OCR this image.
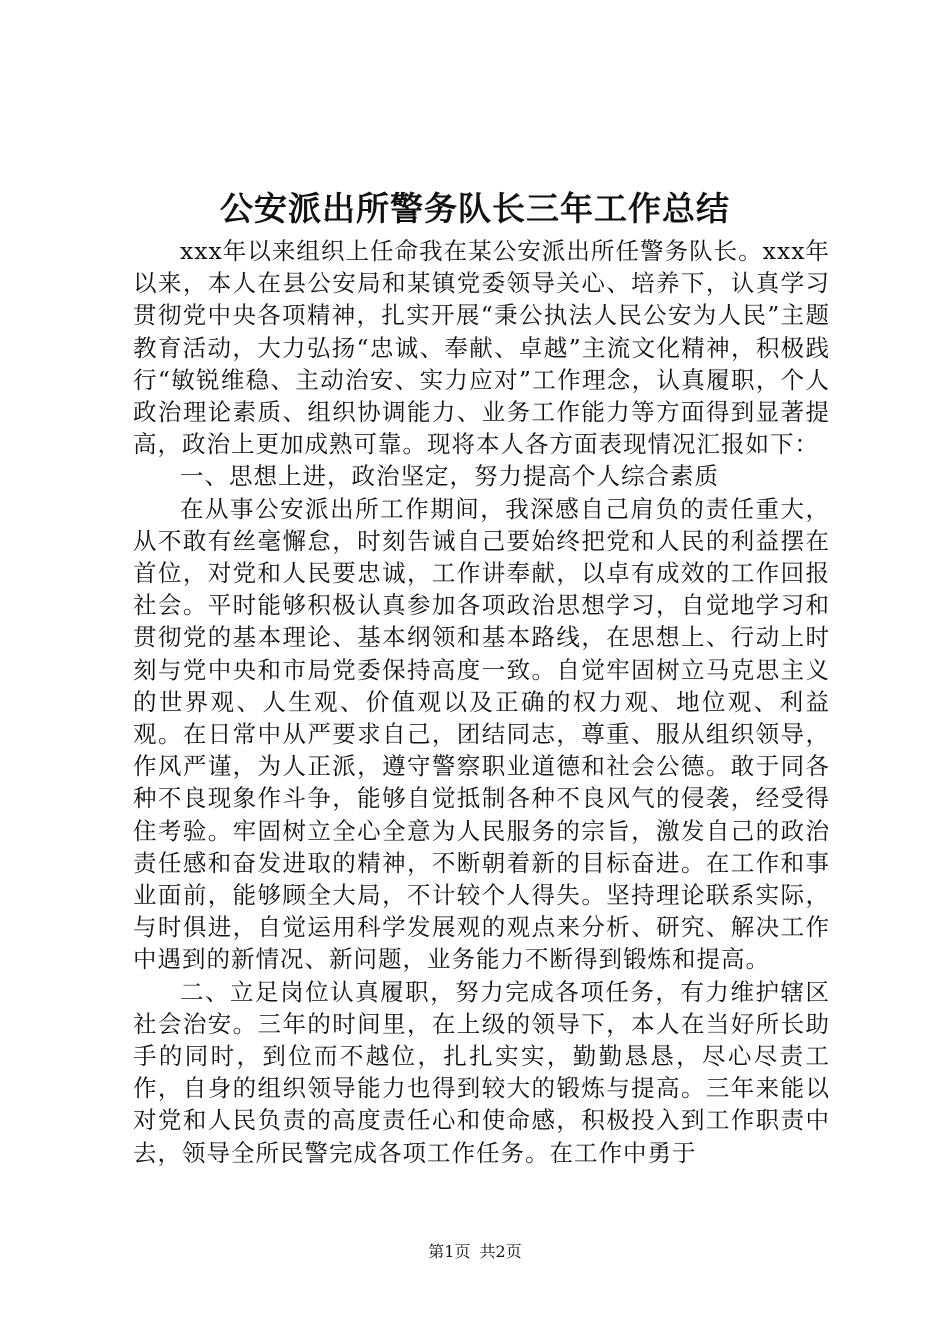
公安派出所警务队长三年工作总结

xxx年以来组织上任命我在某公安派出所任警务队长。xxx年以来，本人在县公安局和某镇党委领导关心、培养下，认真学习贯彻党中央各项精神，扎实开展“秉公执法人民公安为人民”主题教育活动，大力弘扬“忠诚、奉献、卓越”主流文化精神，积极践行“敏锐维稳、主动治安、实力应对”工作理念，认真履职，个人政治理论素质、组织协调能力、业务工作能力等方面得到显著提高，政治上更加成熟可靠。现将本人各方面表现情况汇报如下：

一、思想上进，政治坚定，努力提高个人综合素质

在从事公安派出所工作期间，我深感自己肩负的责任重大，从不敢有丝毫懈怠，时刻告诫自己要始终把党和人民的利益摆在首位，对党和人民要忠诚，工作讲奉献，以卓有成效的工作回报社会。平时能够积极认真参加各项政治思想学习，自觉地学习和贯彻党的基本理论、基本纲领和基本路线，在思想上、行动上时刻与党中央和市局党委保持高度一致。自觉牢固树立马克思主义的世界观、人生观、价值观以及正确的权力观、地位观、利益观。在日常中从严要求自己，团结同志，尊重、服从组织领导，作风严谨，为人正派，遵守警察职业道德和社会公德。敢于同各种不良现象作斗争，能够自觉抵制各种不良风气的侵袭，经受得住考验。牢固树立全心全意为人民服务的宗旨，激发自己的政治责任感和奋发进取的精神，不断朝着新的目标奋进。在工作和事业面前，能够顾全大局，不计较个人得失。坚持理论联系实际，与时俱进，自觉运用科学发展观的观点来分析、研究、解决工作中遇到的新情况、新问题，业务能力不断得到锻炼和提高。

二、立足岗位认真履职，努力完成各项任务，有力维护辖区社会治安。三年的时间里，在上级的领导下，本人在当好所长助手的同时，到位而不越位，扎扎实实，勤勤恳恳，尽心尽责工作，自身的组织领导能力也得到较大的锻炼与提高。三年来能以对党和人民负责的高度责任心和使命感，积极投入到工作职责中去，领导全所民警完成各项工作任务。在工作中勇于

第1页 共2页
